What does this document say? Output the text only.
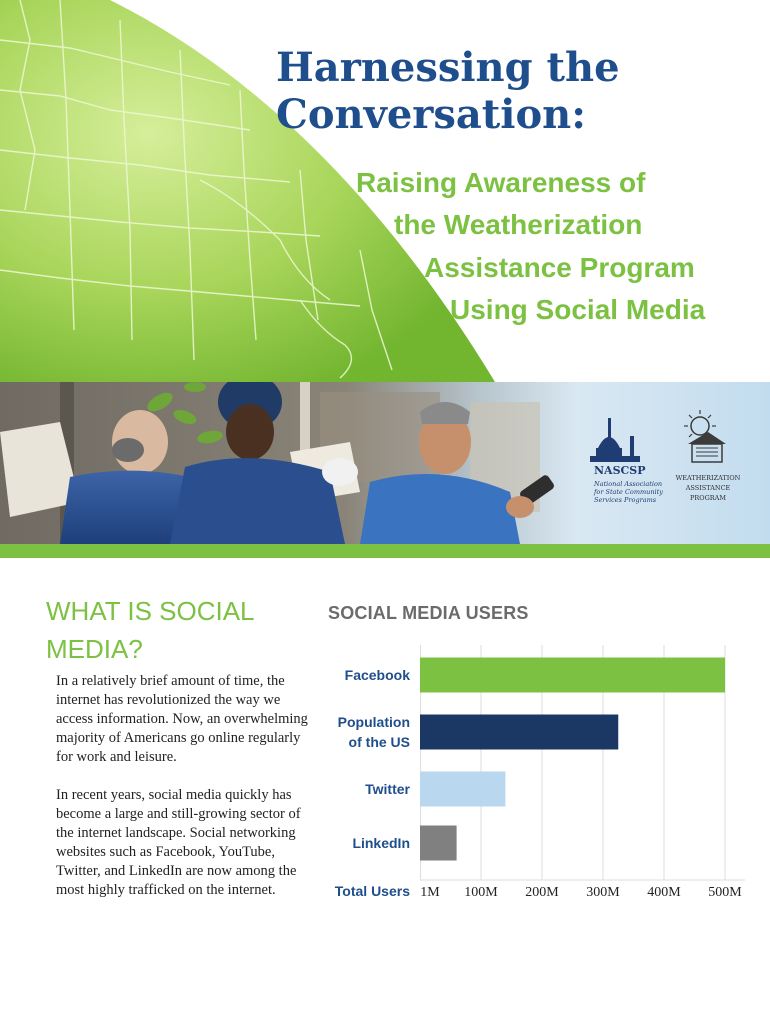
Harnessing the
Conversation:
Raising Awareness of
the Weatherization
Assistance Program
Using Social Media
NASCSP
National Association
for State Community
Services Programs
WEATHERIZATION
ASSISTANCE
PROGRAM
WHAT IS SOCIAL
MEDIA?

In a relatively brief amount of time, the internet has revolutionized the way we access information. Now, an overwhelming majority of Americans go online regularly for work and leisure.

In recent years, social media quickly has become a large and still-growing sector of the internet landscape. Social networking websites such as Facebook, YouTube, Twitter, and LinkedIn are now among the most highly trafficked on the internet.

SOCIAL MEDIA USERS
Facebook
Population
of the US
Twitter
LinkedIn
Total Users 1M 100M 200M 300M 400M 500M
